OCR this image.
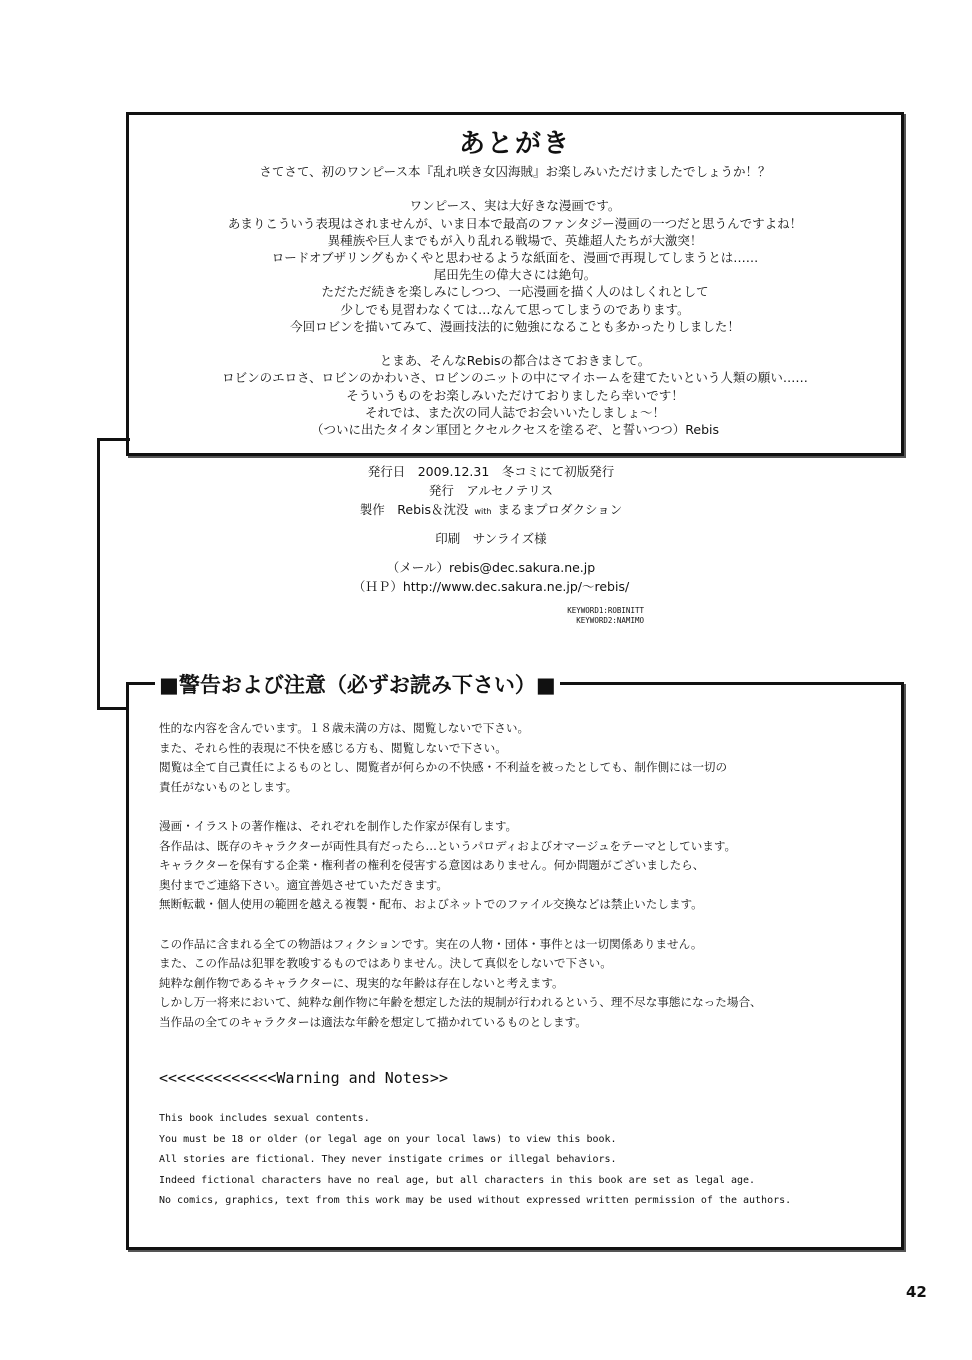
あとがき
さてさて、初のワンピース本『乱れ咲き女囚海賊』お楽しみいただけましたでしょうか！？
ワンピース、実は大好きな漫画です。
あまりこういう表現はされませんが、いま日本で最高のファンタジー漫画の一つだと思うんですよね！
異種族や巨人までもが入り乱れる戦場で、英雄超人たちが大激突！
ロードオブザリングもかくやと思わせるような紙面を、漫画で再現してしまうとは……
尾田先生の偉大さには絶句。
ただただ続きを楽しみにしつつ、一応漫画を描く人のはしくれとして
少しでも見習わなくては…なんて思ってしまうのであります。
今回ロビンを描いてみて、漫画技法的に勉強になることも多かったりしました！
とまあ、そんなRebisの都合はさておきまして。
ロビンのエロさ、ロビンのかわいさ、ロビンのニットの中にマイホームを建てたいという人類の願い……
そういうものをお楽しみいただけておりましたら幸いです！
それでは、また次の同人誌でお会いいたしましょ～！
（ついに出たタイタン軍団とクセルクセスを塗るぞ、と誓いつつ）Rebis
発行日　2009.12.31　冬コミにて初版発行
発行　アルセノテリス
製作　Rebis＆沈没 with まるまプロダクション
印刷　サンライズ様
（メール）rebis@dec.sakura.ne.jp
（ＨＰ）http://www.dec.sakura.ne.jp/～rebis/
KEYWORD1:ROBINITT
KEYWORD2:NAMIMO
■警告および注意（必ずお読み下さい）■
性的な内容を含んでいます。１８歳未満の方は、閲覧しないで下さい。
また、それら性的表現に不快を感じる方も、閲覧しないで下さい。
閲覧は全て自己責任によるものとし、閲覧者が何らかの不快感・不利益を被ったとしても、制作側には一切の
責任がないものとします。
漫画・イラストの著作権は、それぞれを制作した作家が保有します。
各作品は、既存のキャラクターが両性具有だったら…というパロディおよびオマージュをテーマとしています。
キャラクターを保有する企業・権利者の権利を侵害する意図はありません。何か問題がございましたら、
奥付までご連絡下さい。適宜善処させていただきます。
無断転載・個人使用の範囲を越える複製・配布、およびネットでのファイル交換などは禁止いたします。
この作品に含まれる全ての物語はフィクションです。実在の人物・団体・事件とは一切関係ありません。
また、この作品は犯罪を教唆するものではありません。決して真似をしないで下さい。
純粋な創作物であるキャラクターに、現実的な年齢は存在しないと考えます。
しかし万一将来において、純粋な創作物に年齢を想定した法的規制が行われるという、理不尽な事態になった場合、
当作品の全てのキャラクターは適法な年齢を想定して描かれているものとします。
<<<<<<<<<<<<<Warning and Notes>>
This book includes sexual contents.
You must be 18 or older (or legal age on your local laws) to view this book.
All stories are fictional. They never instigate crimes or illegal behaviors.
Indeed fictional characters have no real age, but all characters in this book are set as legal age.
No comics, graphics, text from this work may be used without expressed written permission of the authors.
42
